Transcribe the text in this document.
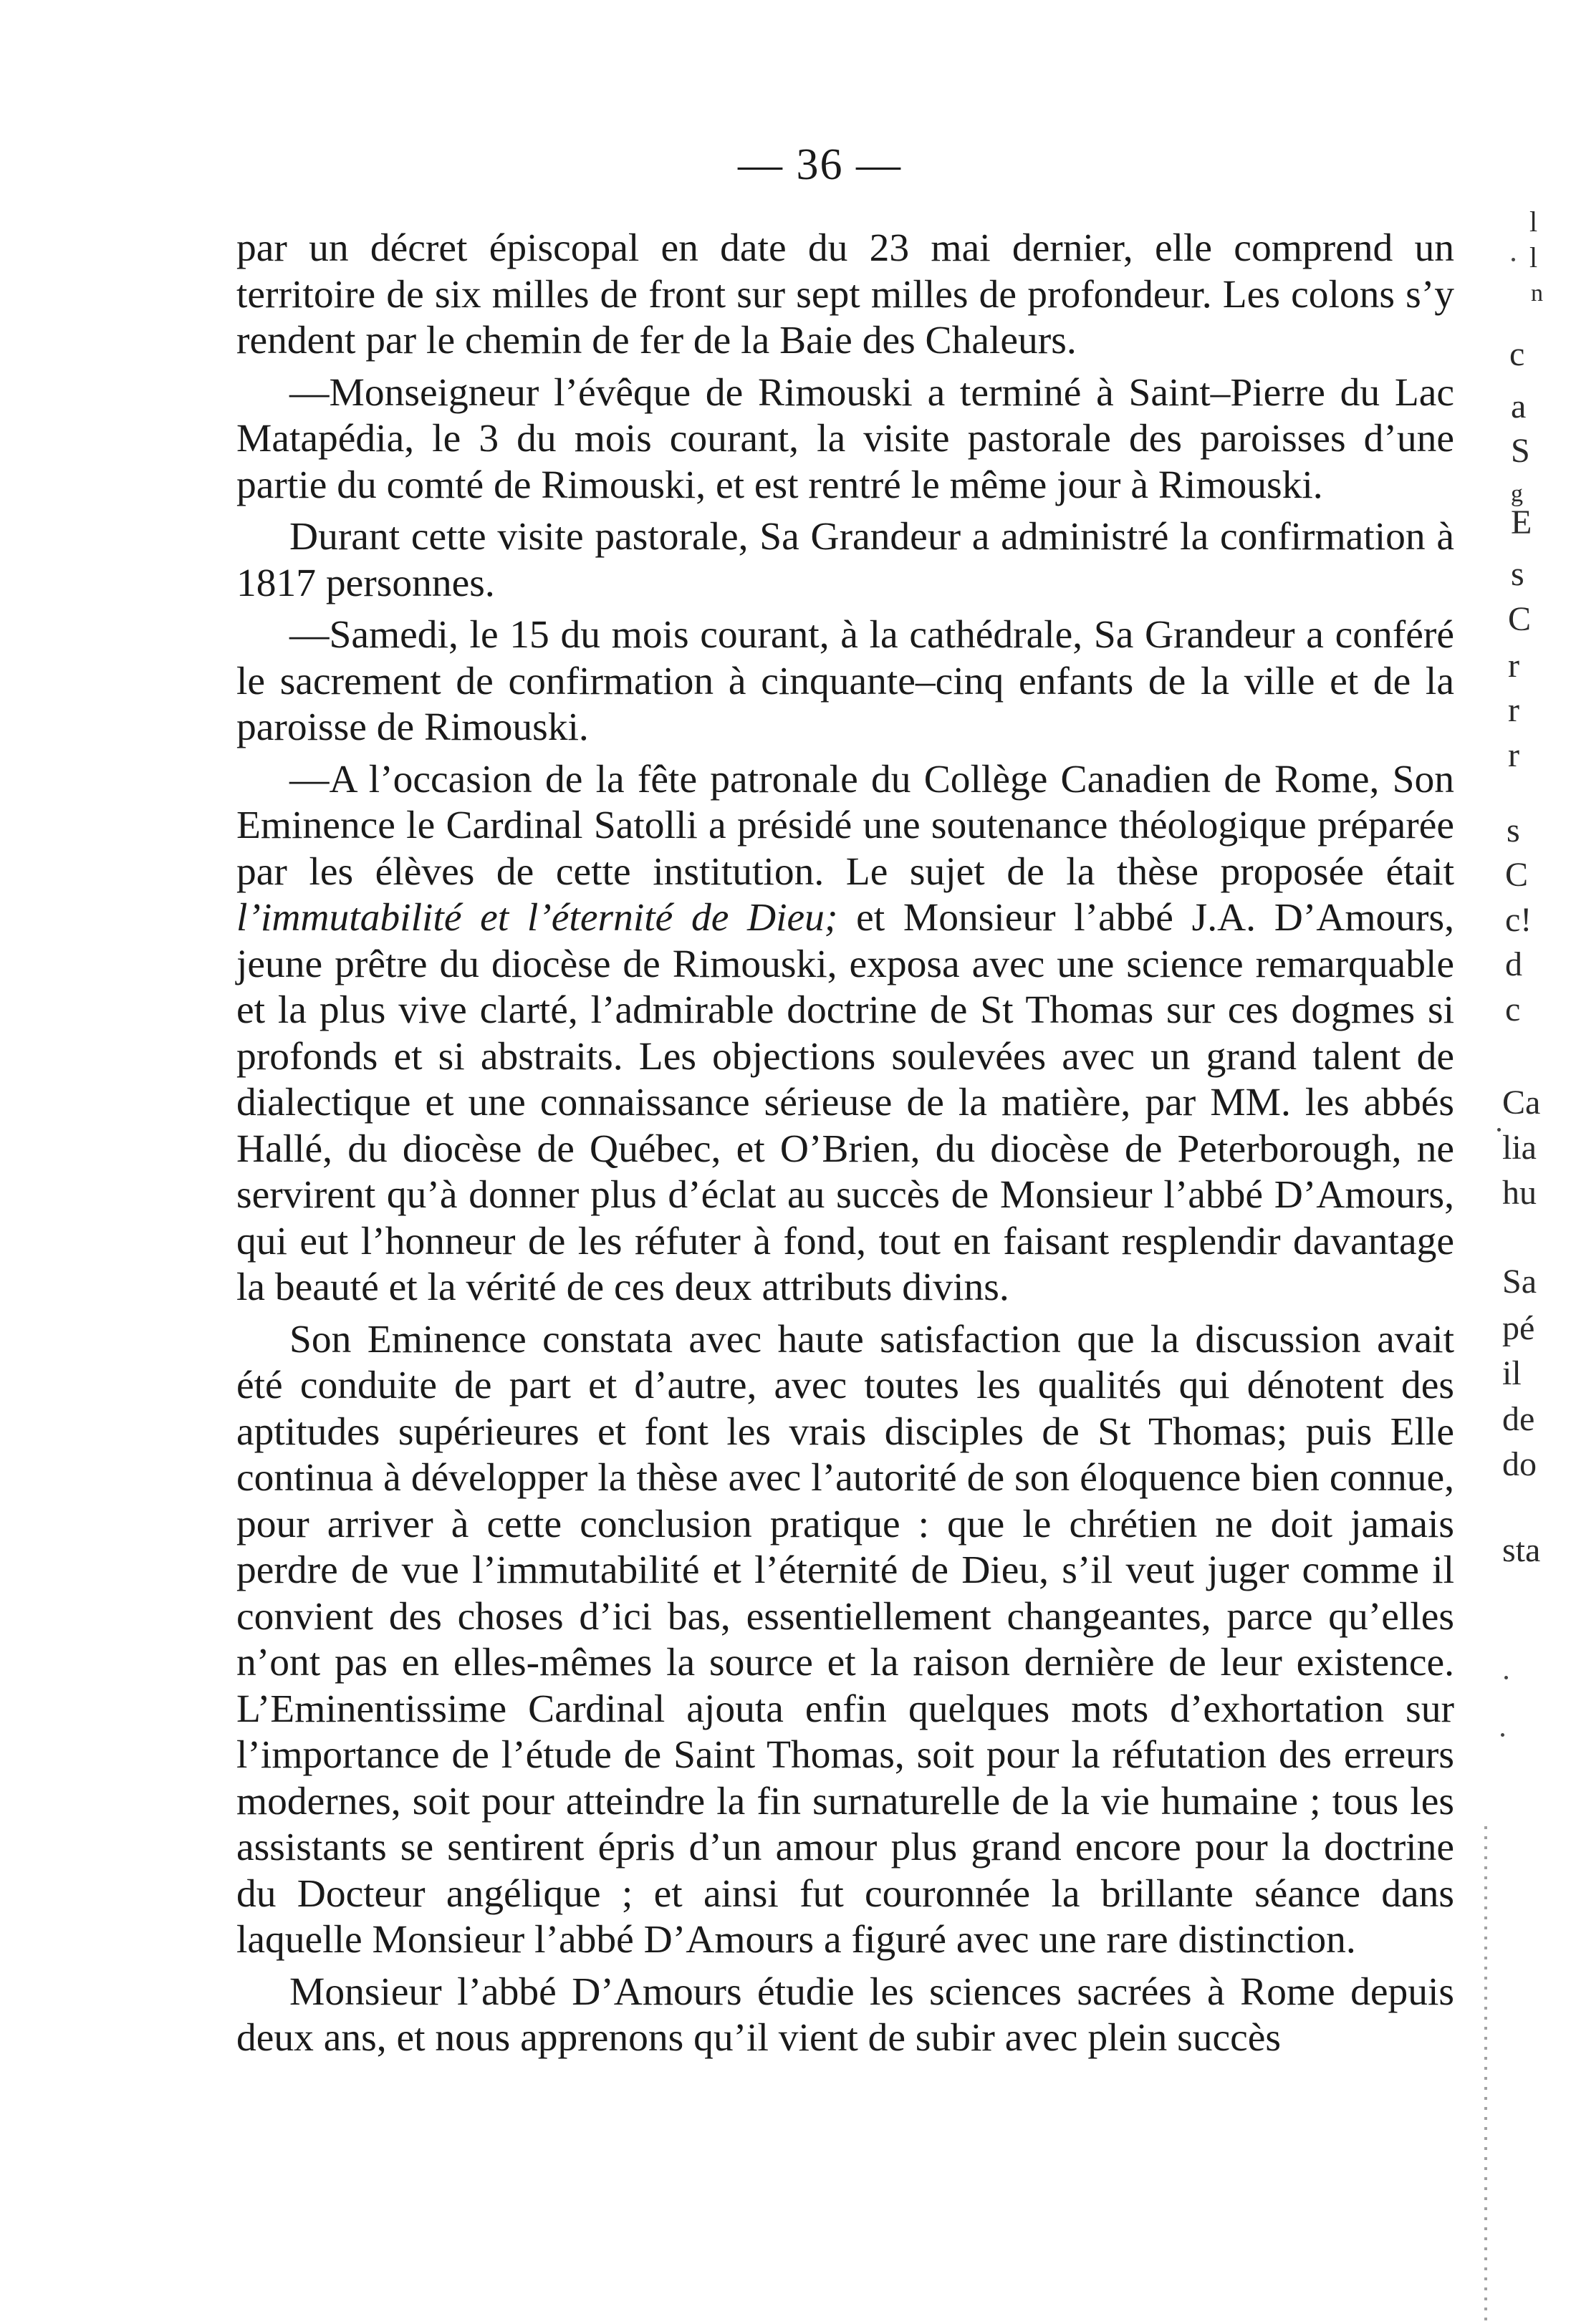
— 36 —

par un décret épiscopal en date du 23 mai dernier, elle comprend un territoire de six milles de front sur sept milles de profondeur. Les colons s’y rendent par le chemin de fer de la Baie des Chaleurs.

—Monseigneur l’évêque de Rimouski a terminé à Saint–Pierre du Lac Matapédia, le 3 du mois courant, la visite pastorale des paroisses d’une partie du comté de Rimouski, et est rentré le même jour à Rimouski.

Durant cette visite pastorale, Sa Grandeur a administré la confirmation à 1817 personnes.

—Samedi, le 15 du mois courant, à la cathédrale, Sa Grandeur a conféré le sacrement de confirmation à cinquante–cinq enfants de la ville et de la paroisse de Rimouski.

—A l’occasion de la fête patronale du Collège Canadien de Rome, Son Eminence le Cardinal Satolli a présidé une soutenance théologique préparée par les élèves de cette institution. Le sujet de la thèse proposée était l’immutabilité et l’éternité de Dieu; et Monsieur l’abbé J.A. D’Amours, jeune prêtre du diocèse de Rimouski, exposa avec une science remarquable et la plus vive clarté, l’admirable doctrine de St Thomas sur ces dogmes si profonds et si abstraits. Les objections soulevées avec un grand talent de dialectique et une connaissance sérieuse de la matière, par MM. les abbés Hallé, du diocèse de Québec, et O’Brien, du diocèse de Peterborough, ne servirent qu’à donner plus d’éclat au succès de Monsieur l’abbé D’Amours, qui eut l’honneur de les réfuter à fond, tout en faisant resplendir davantage la beauté et la vérité de ces deux attributs divins.

Son Eminence constata avec haute satisfaction que la discussion avait été conduite de part et d’autre, avec toutes les qualités qui dénotent des aptitudes supérieures et font les vrais disciples de St Thomas; puis Elle continua à développer la thèse avec l’autorité de son éloquence bien connue, pour arriver à cette conclusion pratique : que le chrétien ne doit jamais perdre de vue l’immutabilité et l’éternité de Dieu, s’il veut juger comme il convient des choses d’ici bas, essentiellement changeantes, parce qu’elles n’ont pas en elles-mêmes la source et la raison dernière de leur existence. L’Eminentissime Cardinal ajouta enfin quelques mots d’exhortation sur l’importance de l’étude de Saint Thomas, soit pour la réfutation des erreurs modernes, soit pour atteindre la fin surnaturelle de la vie humaine ; tous les assistants se sentirent épris d’un amour plus grand encore pour la doctrine du Docteur angélique ; et ainsi fut couronnée la brillante séance dans laquelle Monsieur l’abbé D’Amours a figuré avec une rare distinction.

Monsieur l’abbé D’Amours étudie les sciences sacrées à Rome depuis deux ans, et nous apprenons qu’il vient de subir avec plein succès

l
l
n
c
a
S
g
E
s
C
r
r
r
s
C
c!
d
c
Ca
lia
hu
Sa
pé
il
de
do
sta
